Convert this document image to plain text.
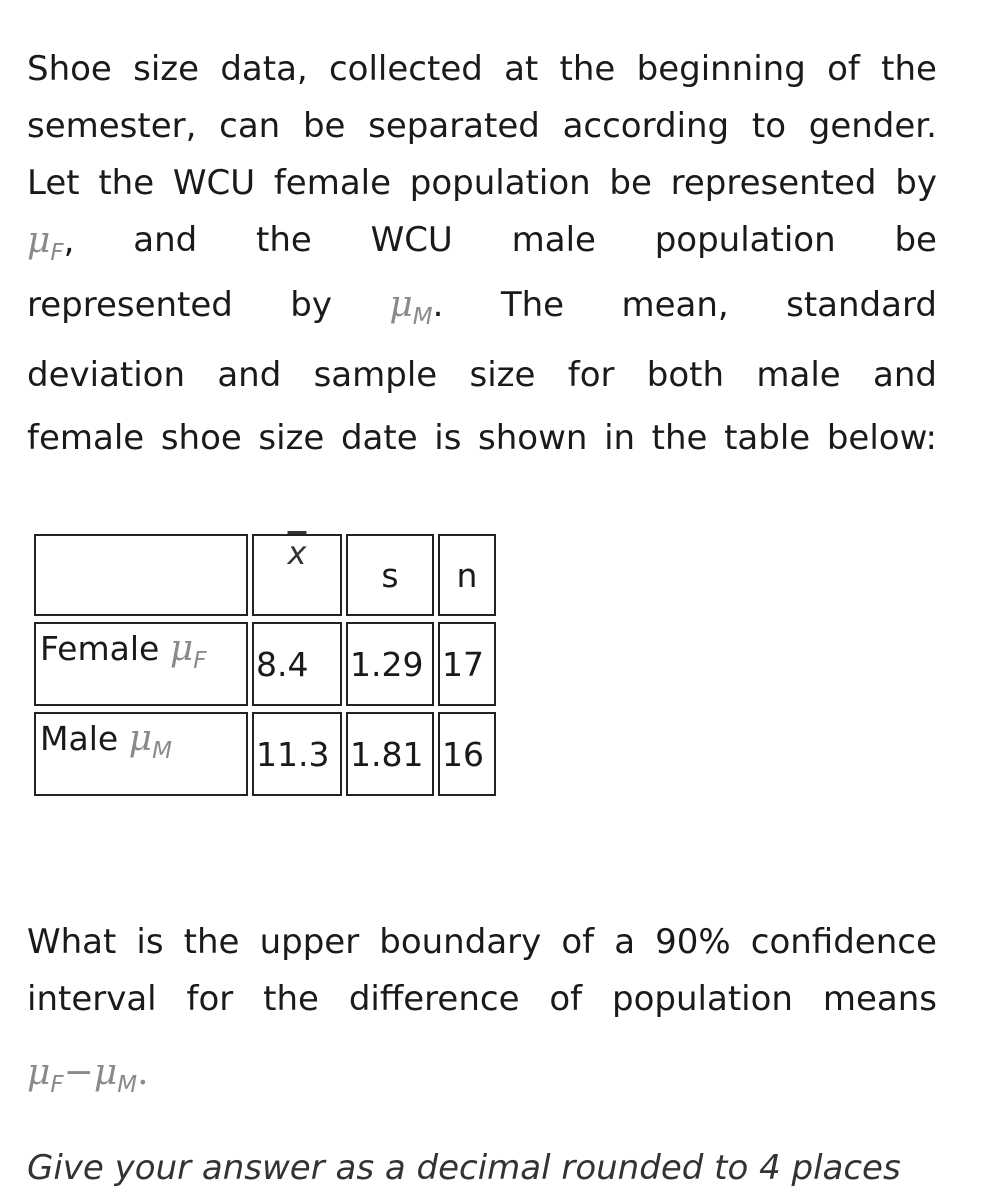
Shoe size data, collected at the beginning of the
semester, can be separated according to gender.
Let the WCU female population be represented by
$\mu_F$, and the WCU male population be
represented by $\mu_M$. The mean, standard
deviation and sample size for both male and
female shoe size date is shown in the table below:
	$\overline{x}$	s	n
Female $\mu_F$	8.4	1.29	17
Male $\mu_M$	11.3	1.81	16
What is the upper boundary of a 90% confidence
interval for the difference of population means
$\mu_F-\mu_M$.

Give your answer as a decimal rounded to 4 places
